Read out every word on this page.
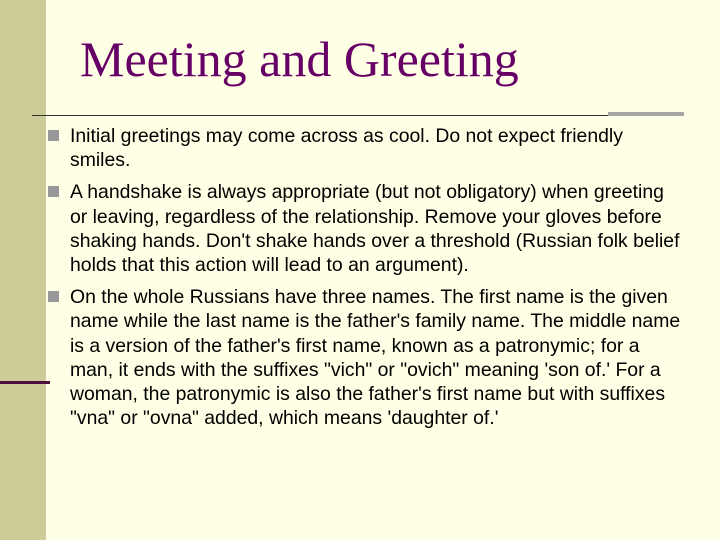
Meeting and Greeting
Initial greetings may come across as cool. Do not expect friendly smiles.
A handshake is always appropriate (but not obligatory) when greeting or leaving, regardless of the relationship. Remove your gloves before shaking hands. Don't shake hands over a threshold (Russian folk belief holds that this action will lead to an argument).
On the whole Russians have three names. The first name is the given name while the last name is the father's family name. The middle name is a version of the father's first name, known as a patronymic; for a man, it ends with the suffixes "vich" or "ovich" meaning 'son of.' For a woman, the patronymic is also the father's first name but with suffixes "vna" or "ovna" added, which means 'daughter of.'
